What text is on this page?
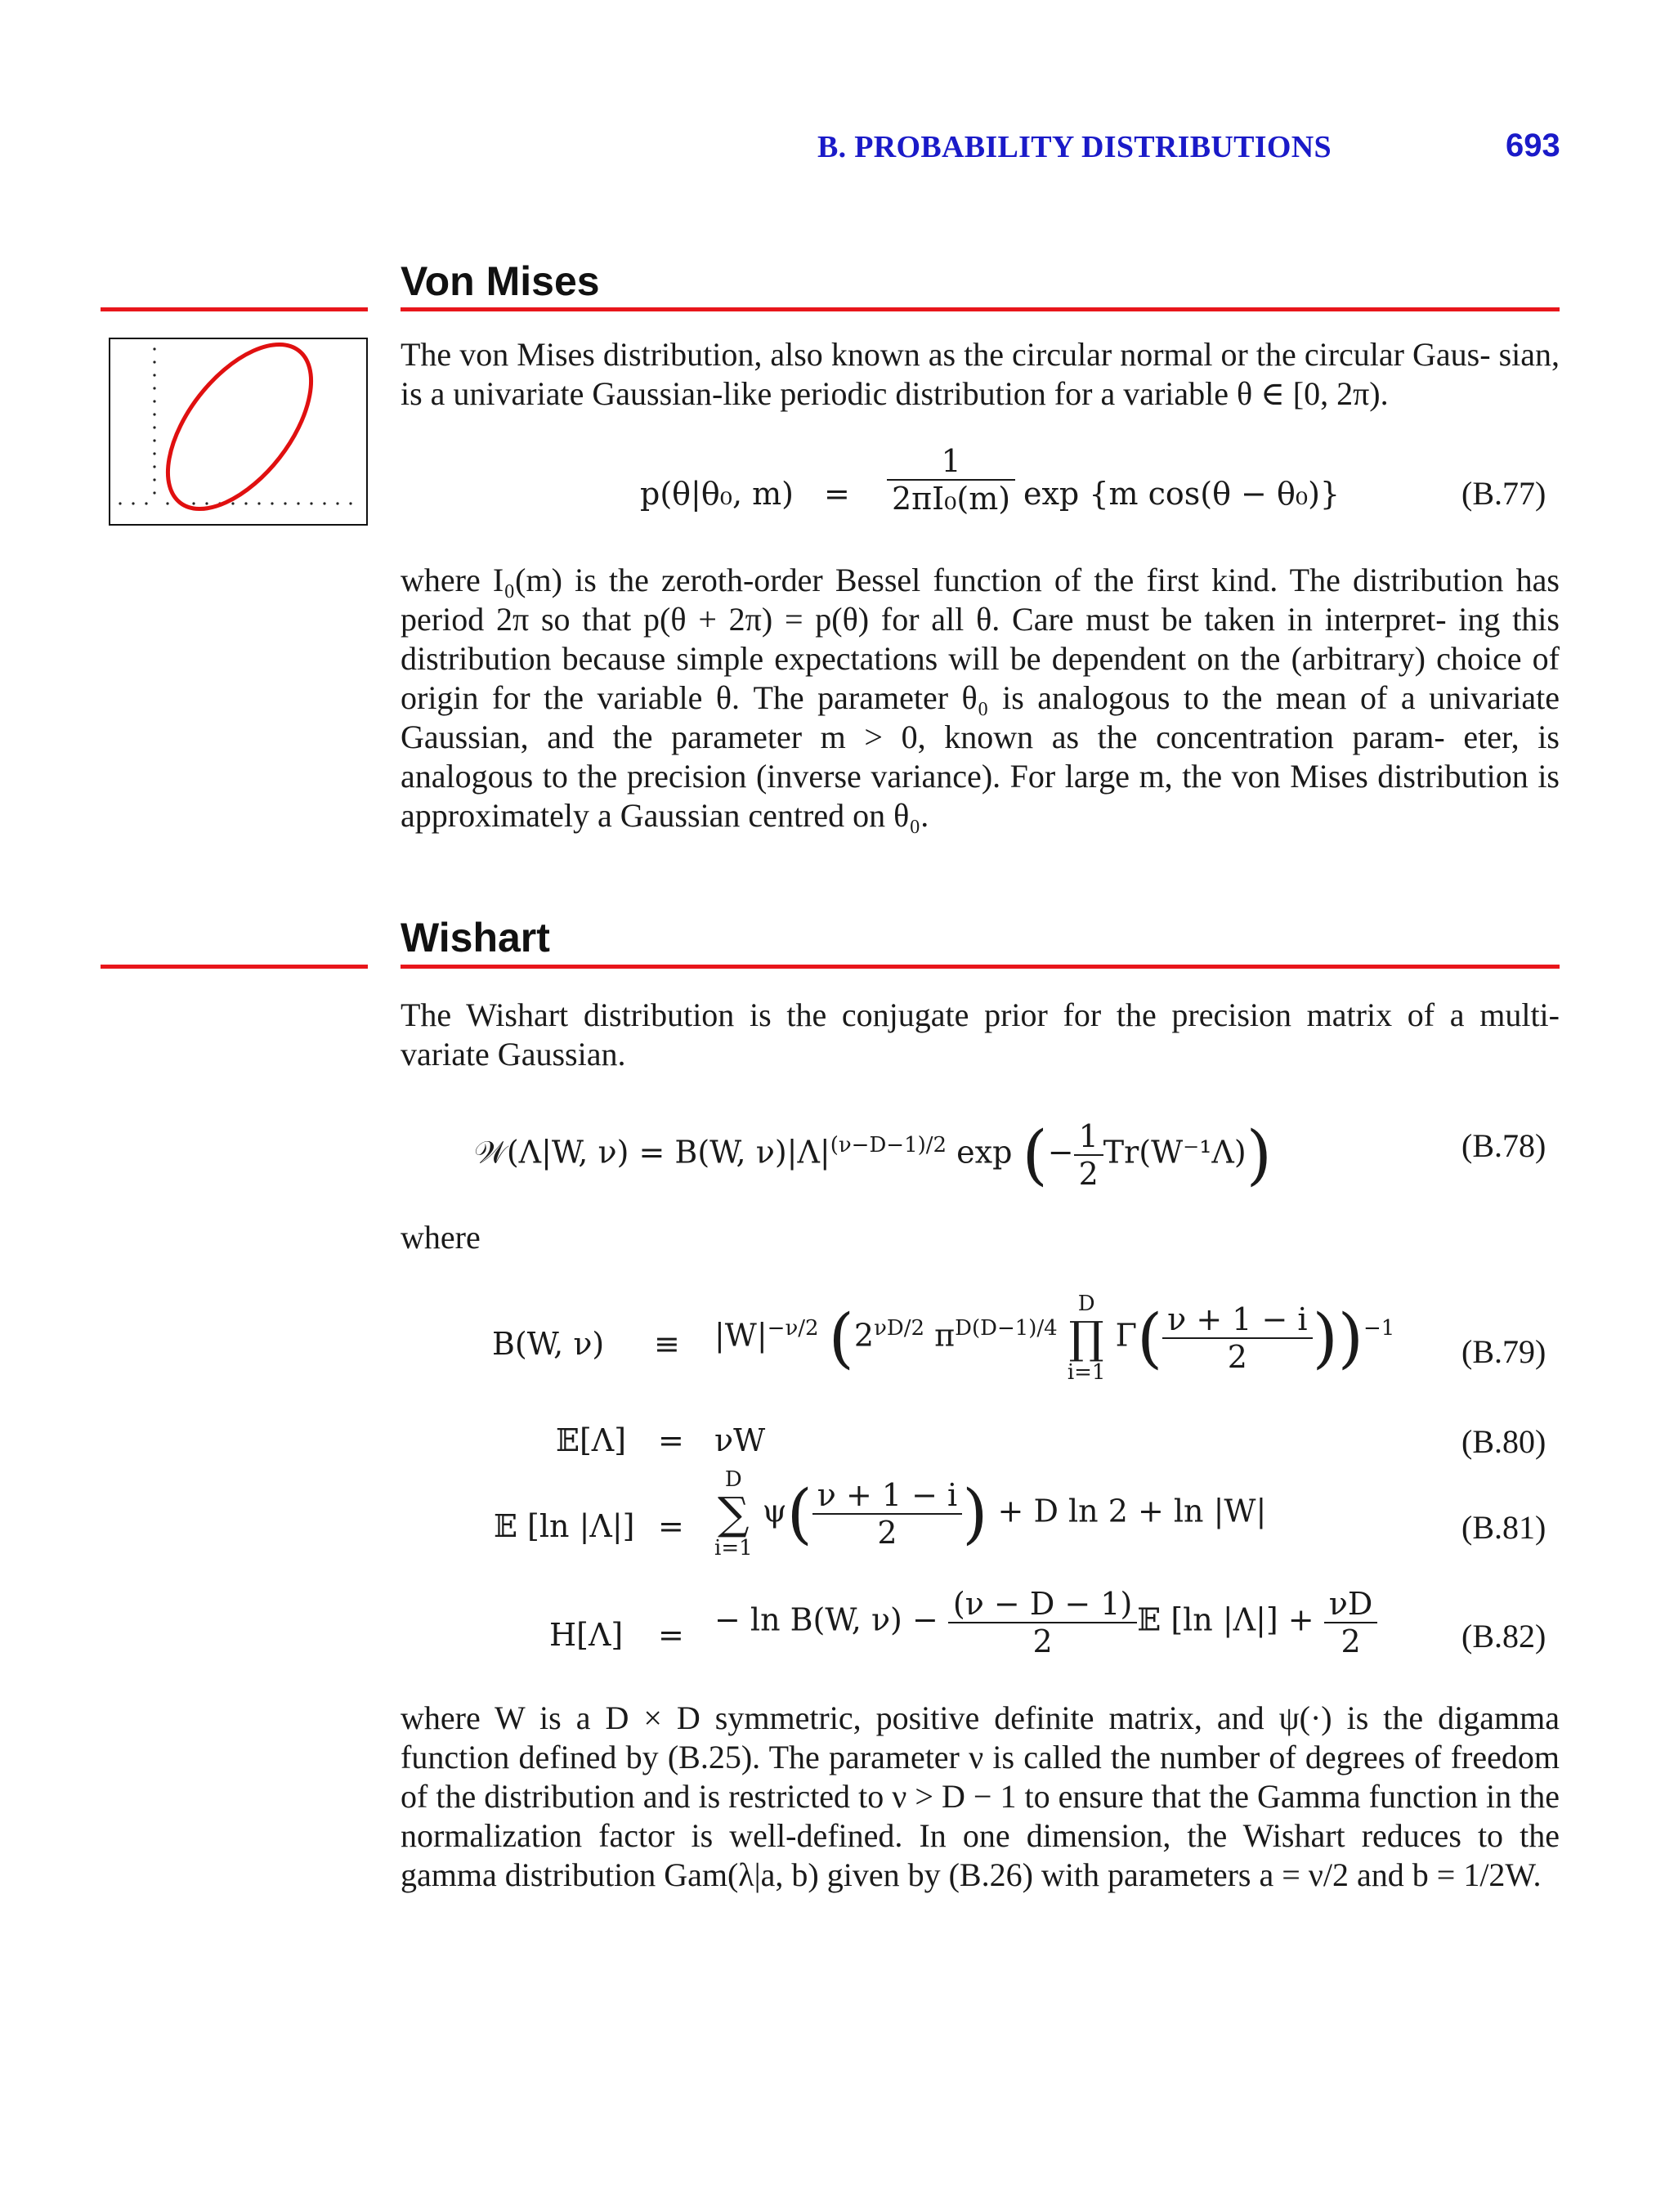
B. PROBABILITY DISTRIBUTIONS	693
Von Mises

The von Mises distribution, also known as the circular normal or the circular Gaus- sian, is a univariate Gaussian-like periodic distribution for a variable θ ∈ [0, 2π).

p(θ|θ₀, $m) = \frac{1}{\text{2πI₀(m)}}$ exp {m cos(θ − θ₀)}	(B.77)

where I₀(m) is the zeroth-order Bessel function of the first kind. The distribution has period 2π so that p(θ + 2π) = p(θ) for all θ. Care must be taken in interpret- ing this distribution because simple expectations will be dependent on the (arbitrary) choice of origin for the variable θ. The parameter θ₀ is analogous to the mean of a univariate Gaussian, and the parameter m > 0, known as the concentration param- eter, is analogous to the precision (inverse variance). For large m, the von Mises distribution is approximately a Gaussian centred on θ₀.

Wishart

The Wishart distribution is the conjugate prior for the precision matrix of a multi- variate Gaussian.

𝒲(Λ|W, ν) = B(W, $\nu)|\Lambda|^{(\nu-D-1)/2}$ exp (− $\frac{1}{2} Tr(W^{-1}\Lambda)$)	(B.78)
where
B(W, $\nu) \equiv |W|^{-\nu/2}$ ($2^{\nu D/2}$ $\pi^{D(D-1)/4}$
D
∏
i=1
$\Gamma( \frac{\nu + 1 - i}{2} ))^{-1}$
(B.79)
𝔼[Λ] = νW	(B.80)
𝔼 [ln |Λ|] =
D
∑
i=1
$\psi( \frac{\nu + 1 - i}{2}$ ) + D ln 2 + ln |W|	(B.81)
H[Λ] = − ln B(W, $\nu) - \frac{(\nu - D - 1)}{2}$ 𝔼 [ln $|\Lambda|] + \frac{\nu D}{2}$	(B.82)

where W is a D × D symmetric, positive definite matrix, and ψ(·) is the digamma function defined by (B.25). The parameter ν is called the number of degrees of freedom of the distribution and is restricted to ν > D − 1 to ensure that the Gamma function in the normalization factor is well-defined. In one dimension, the Wishart reduces to the gamma distribution Gam(λ|a, b) given by (B.26) with parameters a = ν/2 and b = 1/2W.
